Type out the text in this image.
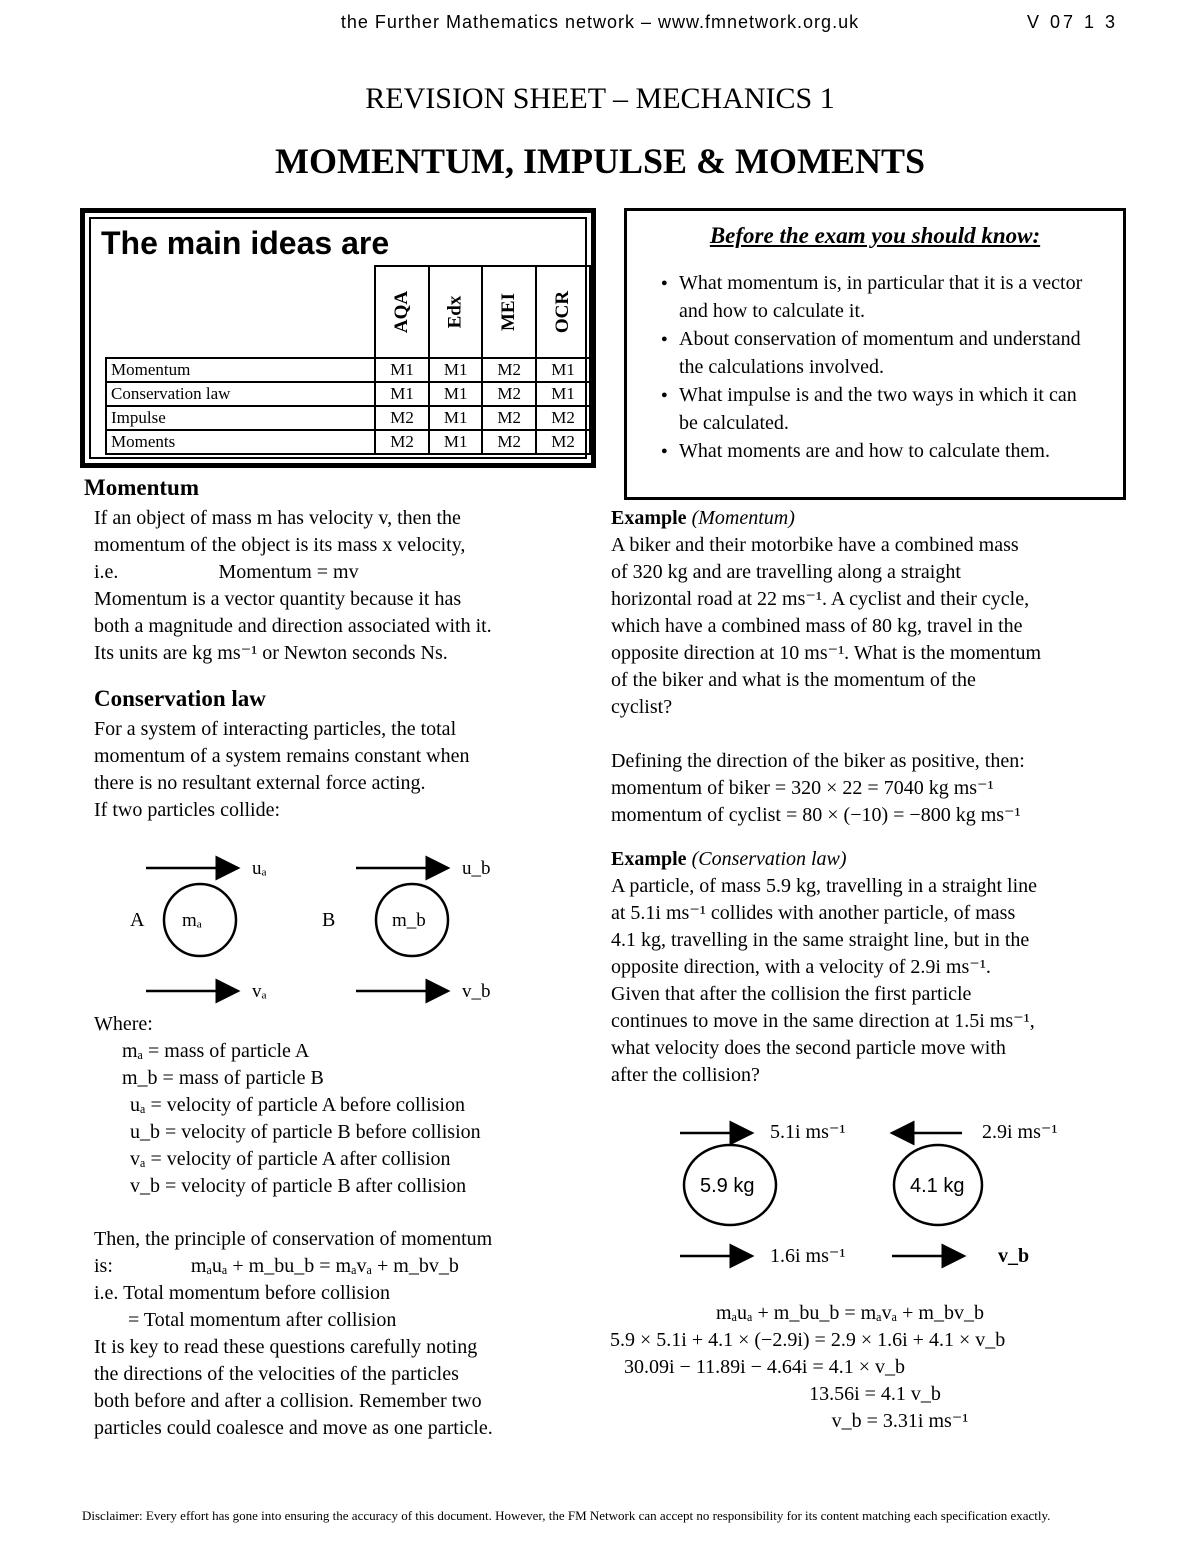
the Further Mathematics network – www.fmnetwork.org.uk	V 07 1 3
REVISION SHEET – MECHANICS 1
MOMENTUM, IMPULSE & MOMENTS
The main ideas are
	AQA	Edx	MEI	OCR
Momentum	M1	M1	M2	M1
Conservation law	M1	M1	M2	M1
Impulse	M2	M1	M2	M2
Moments	M2	M1	M2	M2
Before the exam you should know:
● What momentum is, in particular that it is a vector and how to calculate it.
● About conservation of momentum and understand the calculations involved.
● What impulse is and the two ways in which it can be calculated.
● What moments are and how to calculate them.
Momentum
If an object of mass m has velocity v, then the
momentum of the object is its mass x velocity,
i.e.	Momentum = mv
Momentum is a vector quantity because it has
both a magnitude and direction associated with it.
Its units are kg ms⁻¹ or Newton seconds Ns.
Conservation law
For a system of interacting particles, the total
momentum of a system remains constant when
there is no resultant external force acting.
If two particles collide:
uₐ
A mₐ
vₐ
u_b
B	m_b
v_b
Where:
mₐ = mass of particle A
m_b = mass of particle B
uₐ = velocity of particle A before collision
u_b = velocity of particle B before collision
vₐ = velocity of particle A after collision
v_b = velocity of particle B after collision
Then, the principle of conservation of momentum
is:	mₐuₐ + m_bu_b = mₐvₐ + m_bv_b
i.e. Total momentum before collision
= Total momentum after collision
It is key to read these questions carefully noting
the directions of the velocities of the particles
both before and after a collision. Remember two
particles could coalesce and move as one particle.
Example (Momentum)
A biker and their motorbike have a combined mass
of 320 kg and are travelling along a straight
horizontal road at 22 ms⁻¹. A cyclist and their cycle,
which have a combined mass of 80 kg, travel in the
opposite direction at 10 ms⁻¹. What is the momentum
of the biker and what is the momentum of the
cyclist?
Defining the direction of the biker as positive, then:
momentum of biker = 320 × 22 = 7040 kg ms⁻¹
momentum of cyclist = 80 × (−10) = −800 kg ms⁻¹
Example (Conservation law)
A particle, of mass 5.9 kg, travelling in a straight line
at 5.1i ms⁻¹ collides with another particle, of mass
4.1 kg, travelling in the same straight line, but in the
opposite direction, with a velocity of 2.9i ms⁻¹.
Given that after the collision the first particle
continues to move in the same direction at 1.5i ms⁻¹,
what velocity does the second particle move with
after the collision?
5.1i ms⁻¹
5.9 kg
1.6i ms⁻¹
2.9i ms⁻¹
4.1 kg
v_b
mₐuₐ + m_bu_b = mₐvₐ + m_bv_b
5.9 × 5.1i + 4.1 × (−2.9i) = 2.9 × 1.6i + 4.1 × v_b
30.09i − 11.89i − 4.64i = 4.1 × v_b
13.56i = 4.1 v_b
v_b = 3.31i ms⁻¹
Disclaimer: Every effort has gone into ensuring the accuracy of this document. However, the FM Network can accept no responsibility for its content matching each specification exactly.
